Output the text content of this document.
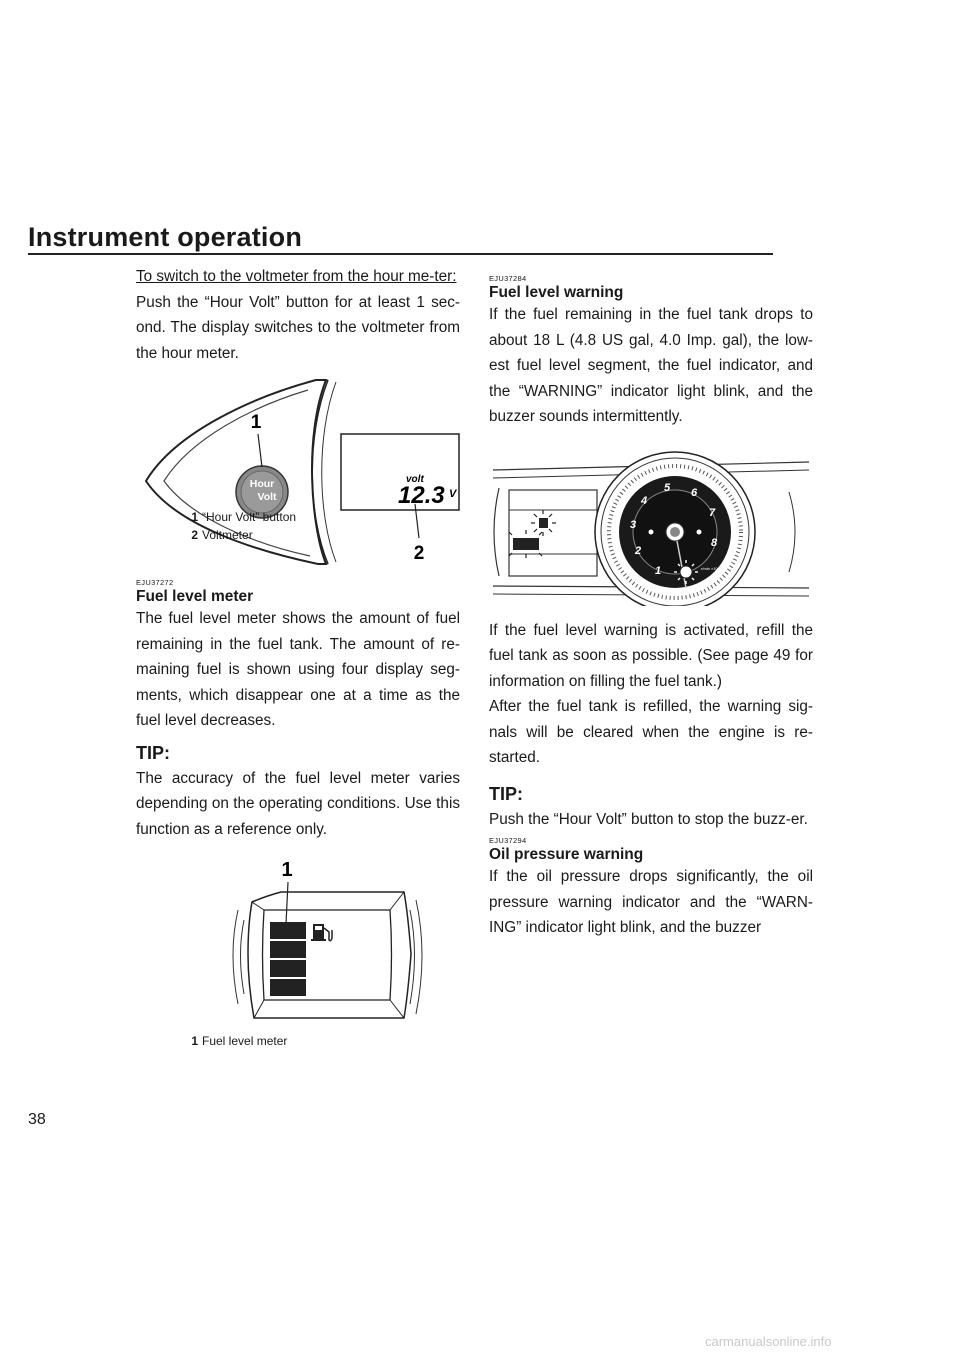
Instrument operation

To switch to the voltmeter from the hour me-ter:

Push the “Hour Volt” button for at least 1 sec-ond. The display switches to the voltmeter from the hour meter.

Hour
Volt
1
volt
12.3 V
2
1 “Hour Volt” button
2 Voltmeter
EJU37272
Fuel level meter

The fuel level meter shows the amount of fuel remaining in the fuel tank. The amount of re-maining fuel is shown using four display seg-ments, which disappear one at a time as the fuel level decreases.

TIP:

The accuracy of the fuel level meter varies depending on the operating conditions. Use this function as a reference only.

1
1 Fuel level meter
EJU37284
Fuel level warning

If the fuel remaining in the fuel tank drops to about 18 L (4.8 US gal, 4.0 Imp. gal), the low-est fuel level segment, the fuel indicator, and the “WARNING” indicator light blink, and the buzzer sounds intermittently.

1
2
3
4
5 6
7
8
r/min ×1000

If the fuel level warning is activated, refill the fuel tank as soon as possible. (See page 49 for information on filling the fuel tank.)

After the fuel tank is refilled, the warning sig-nals will be cleared when the engine is re-started.

TIP:

Push the “Hour Volt” button to stop the buzz-er.

EJU37294
Oil pressure warning

If the oil pressure drops significantly, the oil pressure warning indicator and the “WARN-ING” indicator light blink, and the buzzer

38
carmanualsonline.info
